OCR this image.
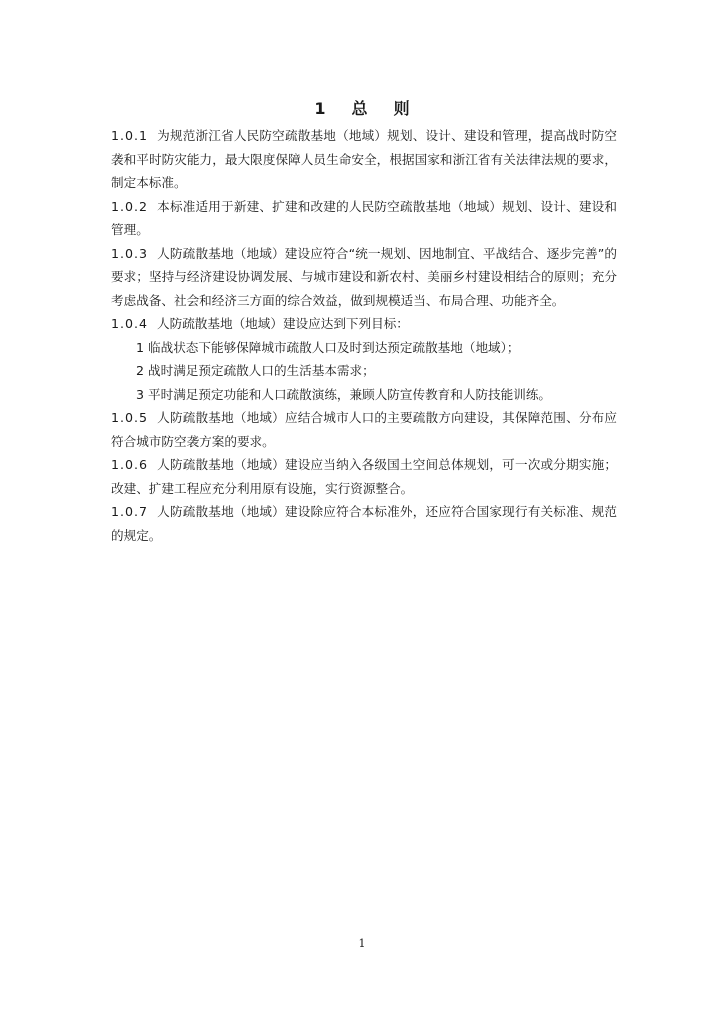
1 总 则

1.0.1 为规范浙江省人民防空疏散基地（地域）规划、设计、建设和管理，提高战时防空袭和平时防灾能力，最大限度保障人员生命安全，根据国家和浙江省有关法律法规的要求，制定本标准。

1.0.2 本标准适用于新建、扩建和改建的人民防空疏散基地（地域）规划、设计、建设和管理。

1.0.3 人防疏散基地（地域）建设应符合“统一规划、因地制宜、平战结合、逐步完善”的要求；坚持与经济建设协调发展、与城市建设和新农村、美丽乡村建设相结合的原则；充分考虑战备、社会和经济三方面的综合效益，做到规模适当、布局合理、功能齐全。

1.0.4 人防疏散基地（地域）建设应达到下列目标：

1 临战状态下能够保障城市疏散人口及时到达预定疏散基地（地域）；

2 战时满足预定疏散人口的生活基本需求；

3 平时满足预定功能和人口疏散演练，兼顾人防宣传教育和人防技能训练。

1.0.5 人防疏散基地（地域）应结合城市人口的主要疏散方向建设，其保障范围、分布应符合城市防空袭方案的要求。

1.0.6 人防疏散基地（地域）建设应当纳入各级国土空间总体规划，可一次或分期实施；改建、扩建工程应充分利用原有设施，实行资源整合。

1.0.7 人防疏散基地（地域）建设除应符合本标准外，还应符合国家现行有关标准、规范的规定。

1
